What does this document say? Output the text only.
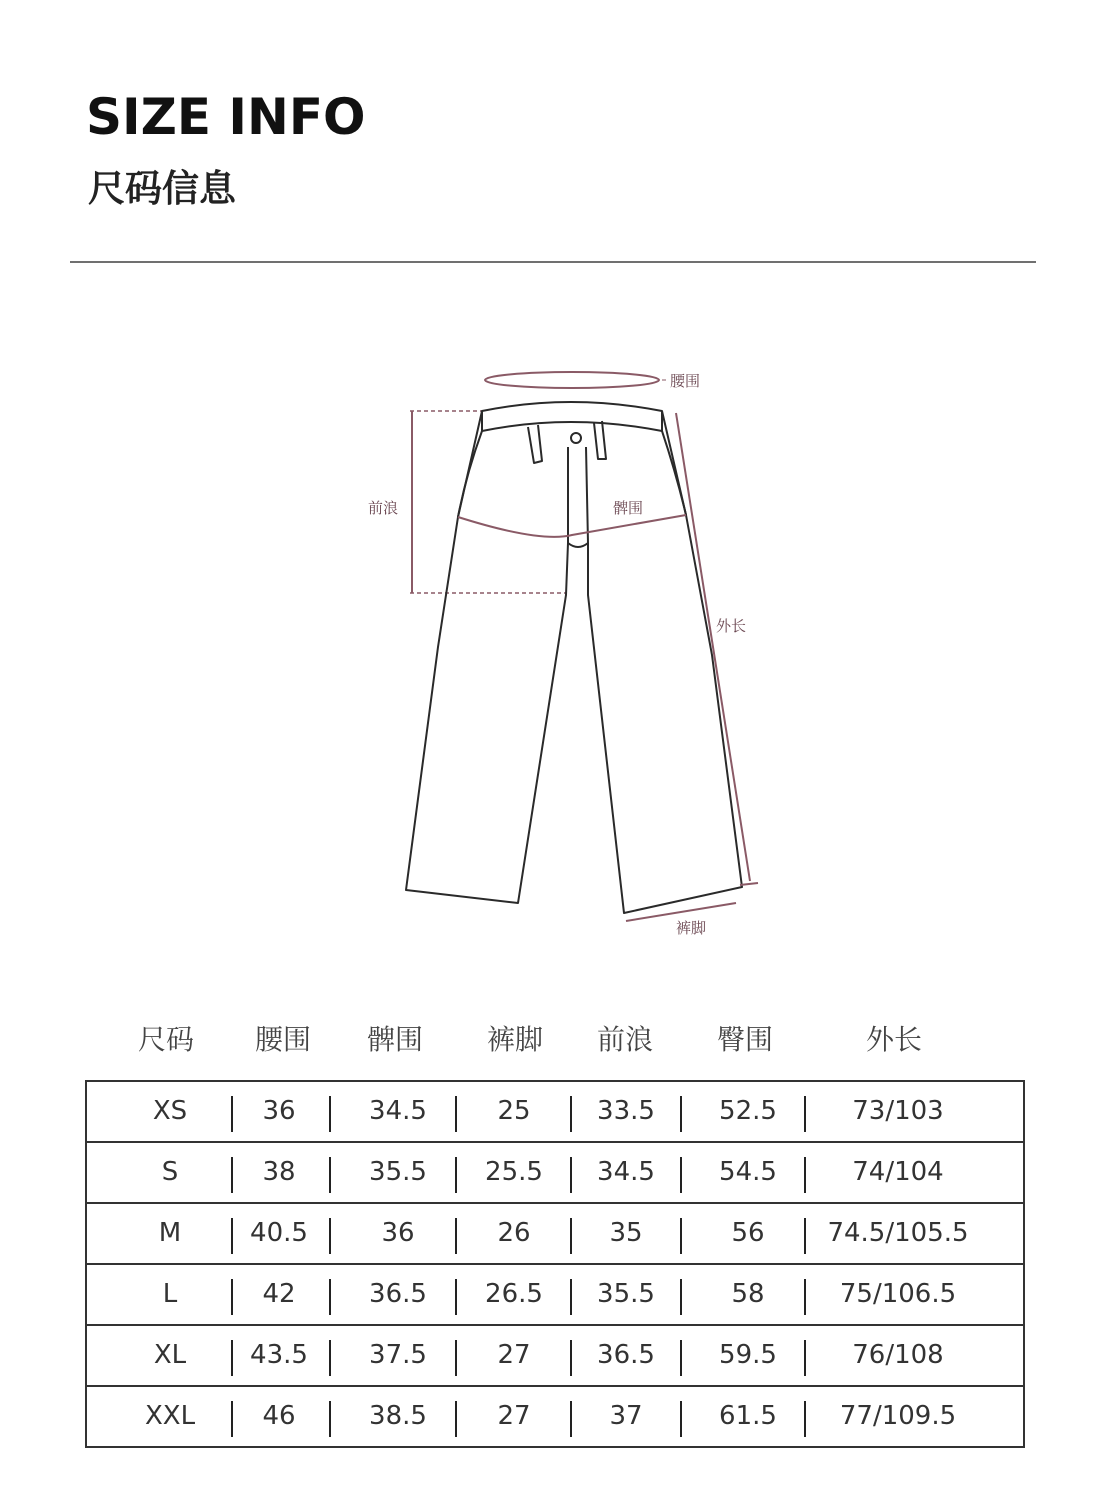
SIZE INFO
尺码信息
腰围
前浪	髀围
外长
裤脚
尺码 腰围 髀围 裤脚 前浪 臀围	外长
XS	36	34.5	25	33.5 52.5	73/103
S	38	35.5 25.5 34.5 54.5	74/104
M	40.5	36	26	35	56 74.5/105.5
L	42	36.5 26.5 35.5	58	75/106.5
XL 43.5 37.5	27	36.5 59.5	76/108
XXL	46	38.5	27	37	61.5 77/109.5
